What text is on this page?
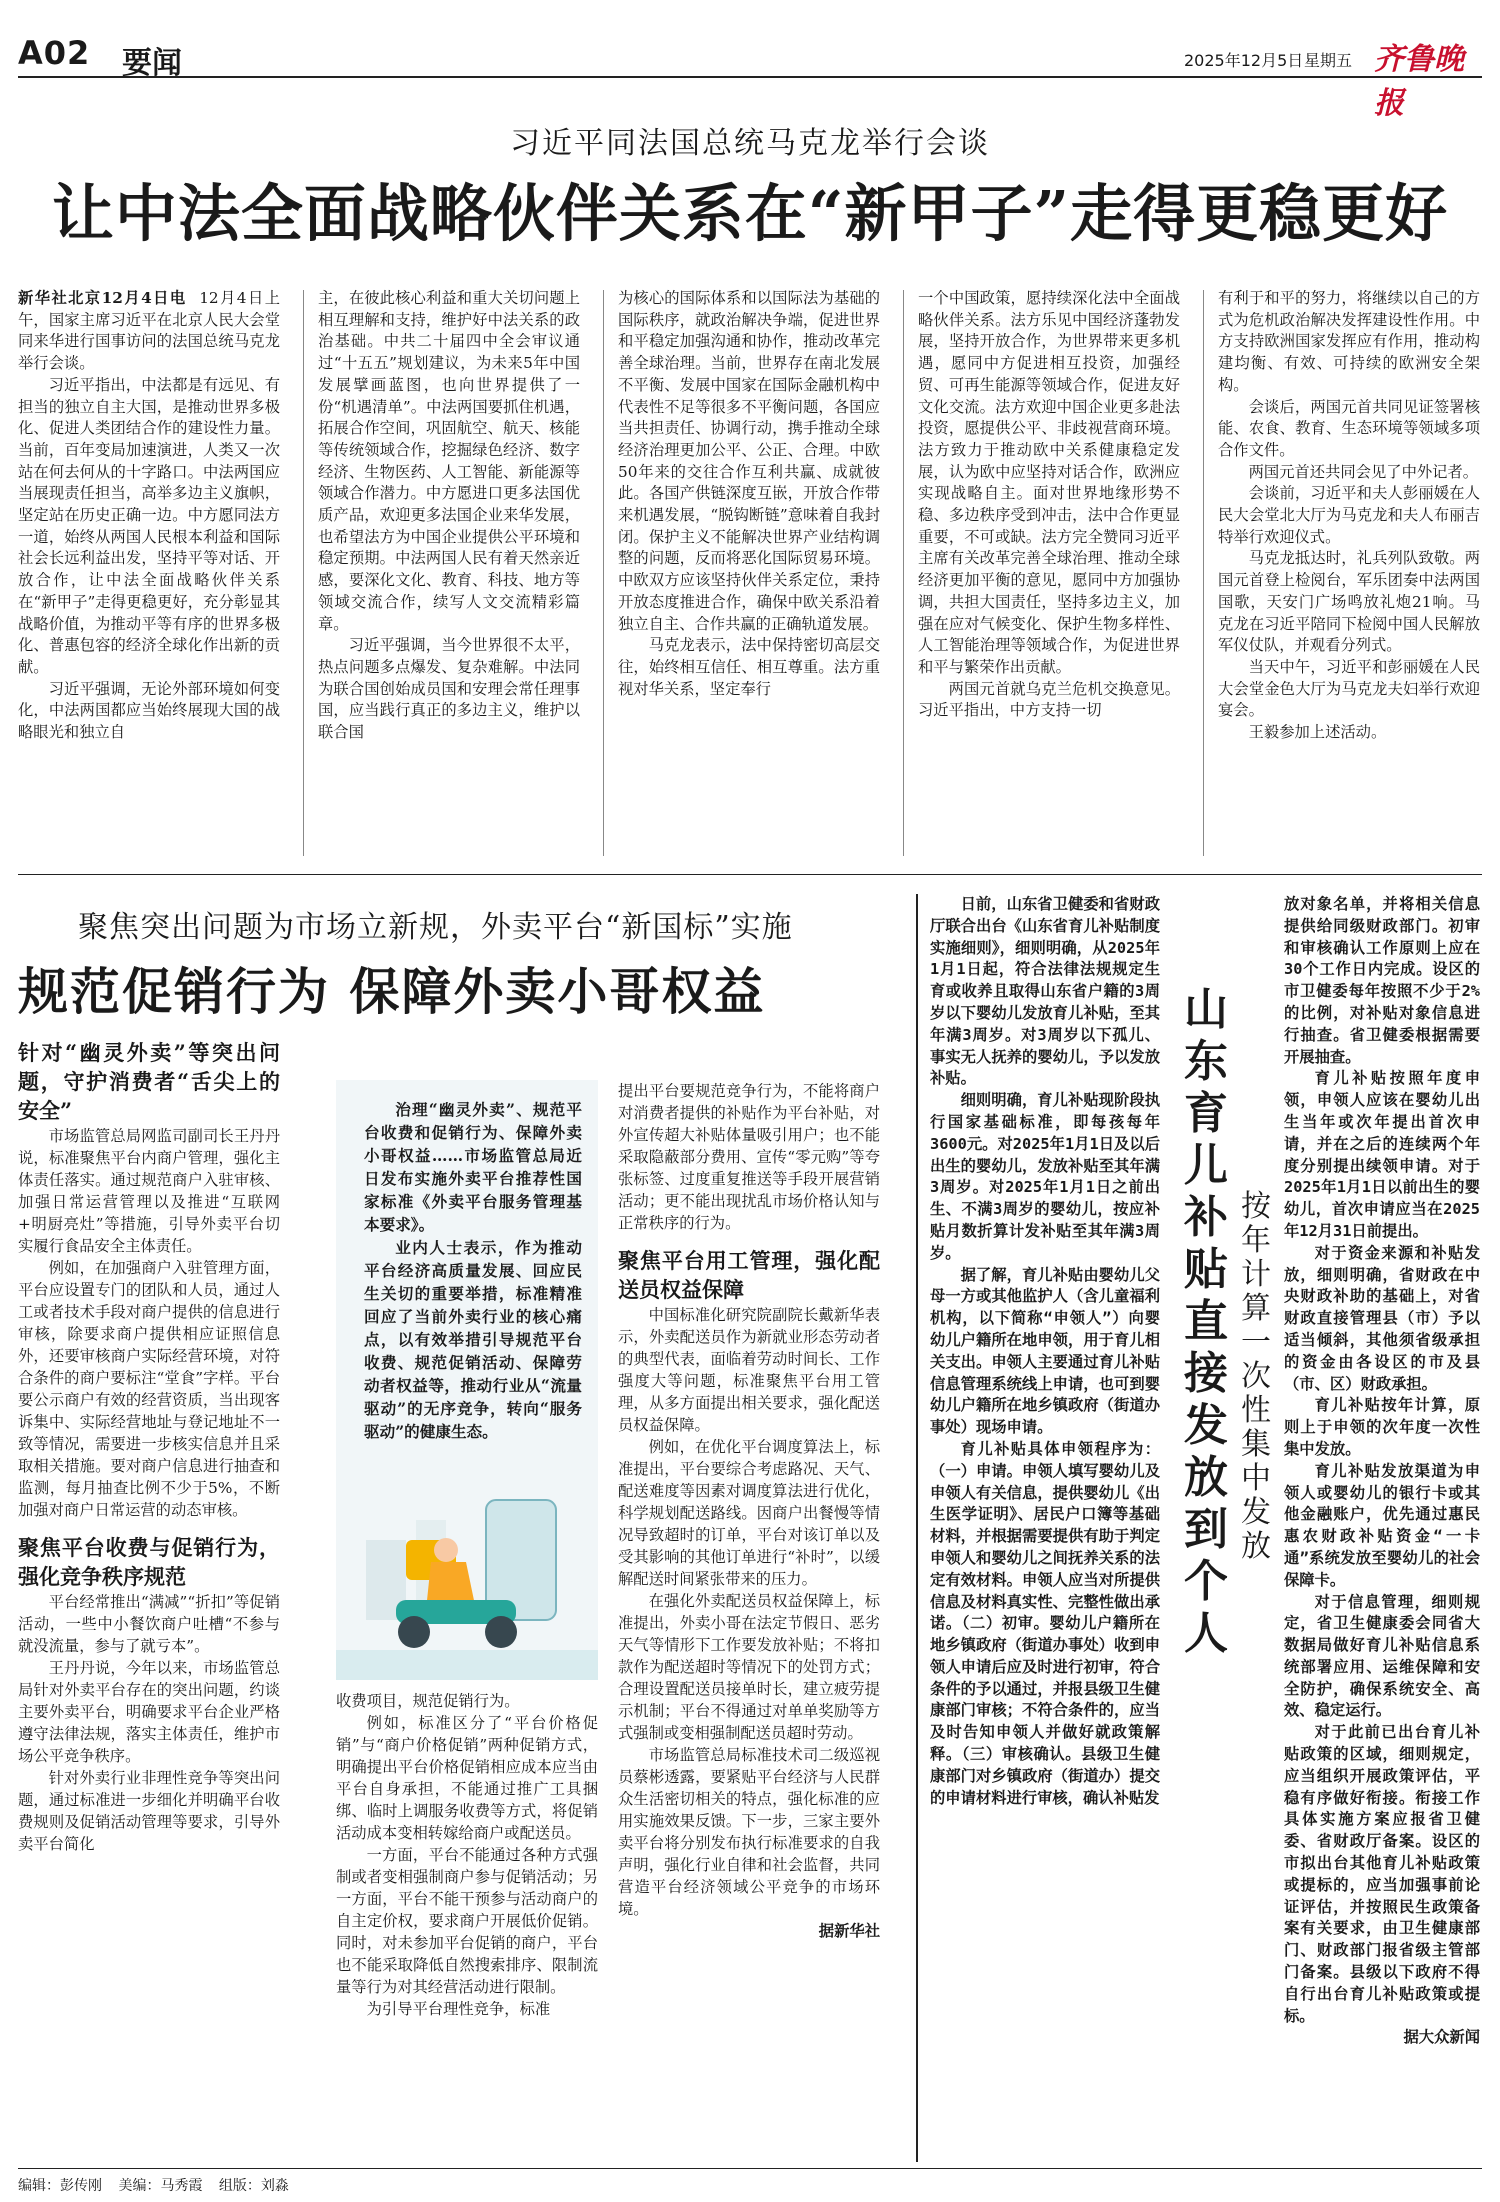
A02 要闻	2025年12月5日 星期五 齐鲁晚报
习近平同法国总统马克龙举行会谈
让中法全面战略伙伴关系在“新甲子”走得更稳更好

新华社北京12月4日电 12月4日上午，国家主席习近平在北京人民大会堂同来华进行国事访问的法国总统马克龙举行会谈。

习近平指出，中法都是有远见、有担当的独立自主大国，是推动世界多极化、促进人类团结合作的建设性力量。当前，百年变局加速演进，人类又一次站在何去何从的十字路口。中法两国应当展现责任担当，高举多边主义旗帜，坚定站在历史正确一边。中方愿同法方一道，始终从两国人民根本利益和国际社会长远利益出发，坚持平等对话、开放合作，让中法全面战略伙伴关系在“新甲子”走得更稳更好，充分彰显其战略价值，为推动平等有序的世界多极化、普惠包容的经济全球化作出新的贡献。

习近平强调，无论外部环境如何变化，中法两国都应当始终展现大国的战略眼光和独立自

主，在彼此核心利益和重大关切问题上相互理解和支持，维护好中法关系的政治基础。中共二十届四中全会审议通过“十五五”规划建议，为未来5年中国发展擘画蓝图，也向世界提供了一份“机遇清单”。中法两国要抓住机遇，拓展合作空间，巩固航空、航天、核能等传统领域合作，挖掘绿色经济、数字经济、生物医药、人工智能、新能源等领域合作潜力。中方愿进口更多法国优质产品，欢迎更多法国企业来华发展，也希望法方为中国企业提供公平环境和稳定预期。中法两国人民有着天然亲近感，要深化文化、教育、科技、地方等领域交流合作，续写人文交流精彩篇章。

习近平强调，当今世界很不太平，热点问题多点爆发、复杂难解。中法同为联合国创始成员国和安理会常任理事国，应当践行真正的多边主义，维护以联合国

为核心的国际体系和以国际法为基础的国际秩序，就政治解决争端，促进世界和平稳定加强沟通和协作，推动改革完善全球治理。当前，世界存在南北发展不平衡、发展中国家在国际金融机构中代表性不足等很多不平衡问题，各国应当共担责任、协调行动，携手推动全球经济治理更加公平、公正、合理。中欧50年来的交往合作互利共赢、成就彼此。各国产供链深度互嵌，开放合作带来机遇发展，“脱钩断链”意味着自我封闭。保护主义不能解决世界产业结构调整的问题，反而将恶化国际贸易环境。中欧双方应该坚持伙伴关系定位，秉持开放态度推进合作，确保中欧关系沿着独立自主、合作共赢的正确轨道发展。

马克龙表示，法中保持密切高层交往，始终相互信任、相互尊重。法方重视对华关系，坚定奉行

一个中国政策，愿持续深化法中全面战略伙伴关系。法方乐见中国经济蓬勃发展，坚持开放合作，为世界带来更多机遇，愿同中方促进相互投资，加强经贸、可再生能源等领域合作，促进友好文化交流。法方欢迎中国企业更多赴法投资，愿提供公平、非歧视营商环境。法方致力于推动欧中关系健康稳定发展，认为欧中应坚持对话合作，欧洲应实现战略自主。面对世界地缘形势不稳、多边秩序受到冲击，法中合作更显重要，不可或缺。法方完全赞同习近平主席有关改革完善全球治理、推动全球经济更加平衡的意见，愿同中方加强协调，共担大国责任，坚持多边主义，加强在应对气候变化、保护生物多样性、人工智能治理等领域合作，为促进世界和平与繁荣作出贡献。

两国元首就乌克兰危机交换意见。习近平指出，中方支持一切

有利于和平的努力，将继续以自己的方式为危机政治解决发挥建设性作用。中方支持欧洲国家发挥应有作用，推动构建均衡、有效、可持续的欧洲安全架构。

会谈后，两国元首共同见证签署核能、农食、教育、生态环境等领域多项合作文件。

两国元首还共同会见了中外记者。

会谈前，习近平和夫人彭丽媛在人民大会堂北大厅为马克龙和夫人布丽吉特举行欢迎仪式。

马克龙抵达时，礼兵列队致敬。两国元首登上检阅台，军乐团奏中法两国国歌，天安门广场鸣放礼炮21响。马克龙在习近平陪同下检阅中国人民解放军仪仗队，并观看分列式。

当天中午，习近平和彭丽媛在人民大会堂金色大厅为马克龙夫妇举行欢迎宴会。

王毅参加上述活动。

聚焦突出问题为市场立新规，外卖平台“新国标”实施
规范促销行为 保障外卖小哥权益

针对“幽灵外卖”等突出问题，守护消费者“舌尖上的安全”

市场监管总局网监司副司长王丹丹说，标准聚焦平台内商户管理，强化主体责任落实。通过规范商户入驻审核、加强日常运营管理以及推进“互联网+明厨亮灶”等措施，引导外卖平台切实履行食品安全主体责任。

例如，在加强商户入驻管理方面，平台应设置专门的团队和人员，通过人工或者技术手段对商户提供的信息进行审核，除要求商户提供相应证照信息外，还要审核商户实际经营环境，对符合条件的商户要标注“堂食”字样。平台要公示商户有效的经营资质，当出现客诉集中、实际经营地址与登记地址不一致等情况，需要进一步核实信息并且采取相关措施。要对商户信息进行抽查和监测，每月抽查比例不少于5%，不断加强对商户日常运营的动态审核。

聚焦平台收费与促销行为，强化竞争秩序规范

平台经常推出“满减”“折扣”等促销活动，一些中小餐饮商户吐槽“不参与就没流量，参与了就亏本”。

王丹丹说，今年以来，市场监管总局针对外卖平台存在的突出问题，约谈主要外卖平台，明确要求平台企业严格遵守法律法规，落实主体责任，维护市场公平竞争秩序。

针对外卖行业非理性竞争等突出问题，通过标准进一步细化并明确平台收费规则及促销活动管理等要求，引导外卖平台简化

治理“幽灵外卖”、规范平台收费和促销行为、保障外卖小哥权益……市场监管总局近日发布实施外卖平台推荐性国家标准《外卖平台服务管理基本要求》。

业内人士表示，作为推动平台经济高质量发展、回应民生关切的重要举措，标准精准回应了当前外卖行业的核心痛点，以有效举措引导规范平台收费、规范促销活动、保障劳动者权益等，推动行业从“流量驱动”的无序竞争，转向“服务驱动”的健康生态。

收费项目，规范促销行为。

例如，标准区分了“平台价格促销”与“商户价格促销”两种促销方式，明确提出平台价格促销相应成本应当由平台自身承担，不能通过推广工具捆绑、临时上调服务收费等方式，将促销活动成本变相转嫁给商户或配送员。

一方面，平台不能通过各种方式强制或者变相强制商户参与促销活动；另一方面，平台不能干预参与活动商户的自主定价权，要求商户开展低价促销。同时，对未参加平台促销的商户，平台也不能采取降低自然搜索排序、限制流量等行为对其经营活动进行限制。

为引导平台理性竞争，标准

提出平台要规范竞争行为，不能将商户对消费者提供的补贴作为平台补贴，对外宣传超大补贴体量吸引用户；也不能采取隐蔽部分费用、宣传“零元购”等夸张标签、过度重复推送等手段开展营销活动；更不能出现扰乱市场价格认知与正常秩序的行为。

聚焦平台用工管理，强化配送员权益保障

中国标准化研究院副院长戴新华表示，外卖配送员作为新就业形态劳动者的典型代表，面临着劳动时间长、工作强度大等问题，标准聚焦平台用工管理，从多方面提出相关要求，强化配送员权益保障。

例如，在优化平台调度算法上，标准提出，平台要综合考虑路况、天气、配送难度等因素对调度算法进行优化，科学规划配送路线。因商户出餐慢等情况导致超时的订单，平台对该订单以及受其影响的其他订单进行“补时”，以缓解配送时间紧张带来的压力。

在强化外卖配送员权益保障上，标准提出，外卖小哥在法定节假日、恶劣天气等情形下工作要发放补贴；不将扣款作为配送超时等情况下的处罚方式；合理设置配送员接单时长，建立疲劳提示机制；平台不得通过对单单奖励等方式强制或变相强制配送员超时劳动。

市场监管总局标准技术司二级巡视员蔡彬透露，要紧贴平台经济与人民群众生活密切相关的特点，强化标准的应用实施效果反馈。下一步，三家主要外卖平台将分别发布执行标准要求的自我声明，强化行业自律和社会监督，共同营造平台经济领域公平竞争的市场环境。

据新华社

日前，山东省卫健委和省财政厅联合出台《山东省育儿补贴制度实施细则》，细则明确，从2025年1月1日起，符合法律法规规定生育或收养且取得山东省户籍的3周岁以下婴幼儿发放育儿补贴，至其年满3周岁。对3周岁以下孤儿、事实无人抚养的婴幼儿，予以发放补贴。

细则明确，育儿补贴现阶段执行国家基础标准，即每孩每年3600元。对2025年1月1日及以后出生的婴幼儿，发放补贴至其年满3周岁。对2025年1月1日之前出生、不满3周岁的婴幼儿，按应补贴月数折算计发补贴至其年满3周岁。

据了解，育儿补贴由婴幼儿父母一方或其他监护人（含儿童福利机构，以下简称“申领人”）向婴幼儿户籍所在地申领，用于育儿相关支出。申领人主要通过育儿补贴信息管理系统线上申请，也可到婴幼儿户籍所在地乡镇政府（街道办事处）现场申请。

育儿补贴具体申领程序为：（一）申请。申领人填写婴幼儿及申领人有关信息，提供婴幼儿《出生医学证明》、居民户口簿等基础材料，并根据需要提供有助于判定申领人和婴幼儿之间抚养关系的法定有效材料。申领人应当对所提供信息及材料真实性、完整性做出承诺。（二）初审。婴幼儿户籍所在地乡镇政府（街道办事处）收到申领人申请后应及时进行初审，符合条件的予以通过，并报县级卫生健康部门审核；不符合条件的，应当及时告知申领人并做好就政策解释。（三）审核确认。县级卫生健康部门对乡镇政府（街道办）提交的申请材料进行审核，确认补贴发

山东育儿补贴直接发放到个人
按年计算一次性集中发放

放对象名单，并将相关信息提供给同级财政部门。初审和审核确认工作原则上应在30个工作日内完成。设区的市卫健委每年按照不少于2%的比例，对补贴对象信息进行抽查。省卫健委根据需要开展抽查。

育儿补贴按照年度申领，申领人应该在婴幼儿出生当年或次年提出首次申请，并在之后的连续两个年度分别提出续领申请。对于2025年1月1日以前出生的婴幼儿，首次申请应当在2025年12月31日前提出。

对于资金来源和补贴发放，细则明确，省财政在中央财政补助的基础上，对省财政直接管理县（市）予以适当倾斜，其他须省级承担的资金由各设区的市及县（市、区）财政承担。

育儿补贴按年计算，原则上于申领的次年度一次性集中发放。

育儿补贴发放渠道为申领人或婴幼儿的银行卡或其他金融账户，优先通过惠民惠农财政补贴资金“一卡通”系统发放至婴幼儿的社会保障卡。

对于信息管理，细则规定，省卫生健康委会同省大数据局做好育儿补贴信息系统部署应用、运维保障和安全防护，确保系统安全、高效、稳定运行。

对于此前已出台育儿补贴政策的区域，细则规定，应当组织开展政策评估，平稳有序做好衔接。衔接工作具体实施方案应报省卫健委、省财政厅备案。设区的市拟出台其他育儿补贴政策或提标的，应当加强事前论证评估，并按照民生政策备案有关要求，由卫生健康部门、财政部门报省级主管部门备案。县级以下政府不得自行出台育儿补贴政策或提标。

据大众新闻
编辑：彭传刚 美编：马秀霞 组版：刘淼
